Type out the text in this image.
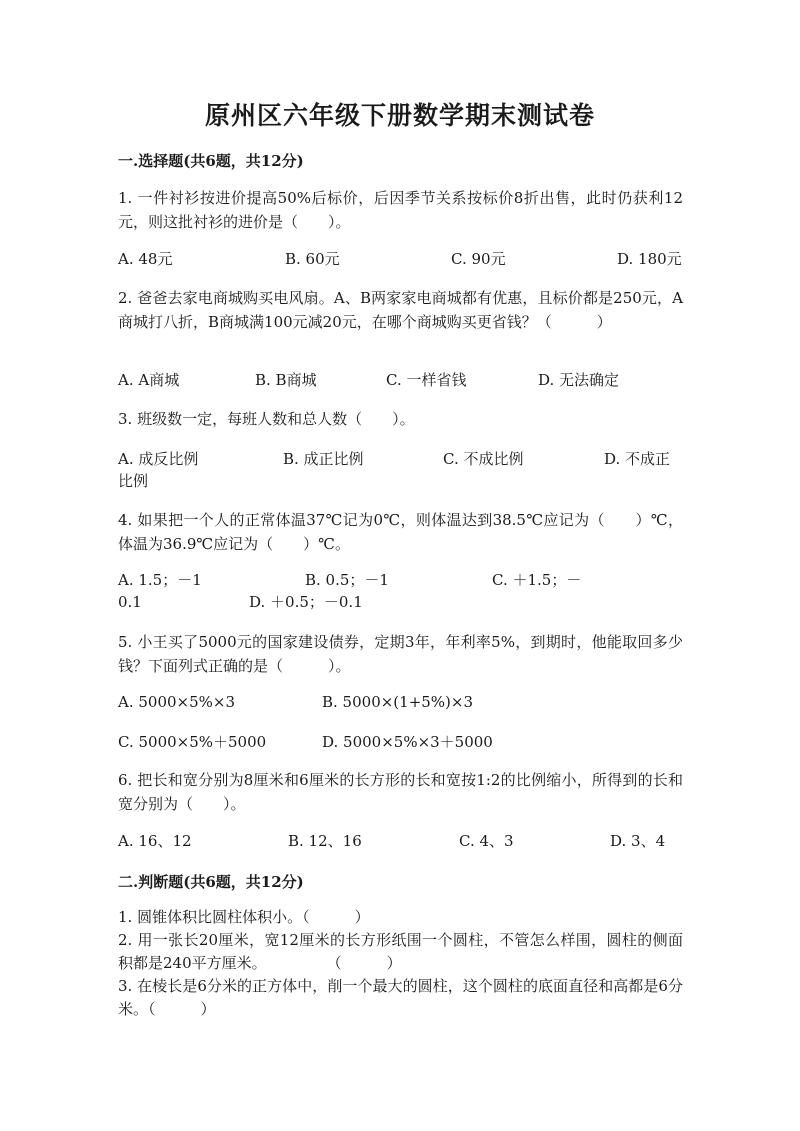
原州区六年级下册数学期末测试卷
一.选择题(共6题，共12分)
1. 一件衬衫按进价提高50%后标价，后因季节关系按标价8折出售，此时仍获利12元，则这批衬衫的进价是（　　）。
A. 48元	B. 60元	C. 90元	D. 180元
2. 爸爸去家电商城购买电风扇。A、B两家家电商城都有优惠，且标价都是250元，A商城打八折，B商城满100元减20元，在哪个商城购买更省钱？（　　　）
A. A商城	B. B商城	C. 一样省钱	D. 无法确定
3. 班级数一定，每班人数和总人数（　　）。
A. 成反比例	B. 成正比例	C. 不成比例	D. 不成正
比例
4. 如果把一个人的正常体温37℃记为0℃，则体温达到38.5℃应记为（　　）℃，体温为36.9℃应记为（　　）℃。
A. 1.5；－1	B. 0.5；－1	C. ＋1.5；－
0.1	D. ＋0.5；－0.1
5. 小王买了5000元的国家建设债券，定期3年，年利率5%，到期时，他能取回多少钱？下面列式正确的是（　　　）。
A. 5000×5%×3	B. 5000×(1+5%)×3
C. 5000×5%＋5000	D. 5000×5%×3＋5000
6. 把长和宽分别为8厘米和6厘米的长方形的长和宽按1:2的比例缩小，所得到的长和宽分别为（　　）。
A. 16、12	B. 12、16	C. 4、3	D. 3、4
二.判断题(共6题，共12分)
1. 圆锥体积比圆柱体积小。（　　　）
2. 用一张长20厘米，宽12厘米的长方形纸围一个圆柱，不管怎么样围，圆柱的侧面积都是240平方厘米。　　　　　（　　　）
3. 在棱长是6分米的正方体中，削一个最大的圆柱，这个圆柱的底面直径和高都是6分米。（　　　）
